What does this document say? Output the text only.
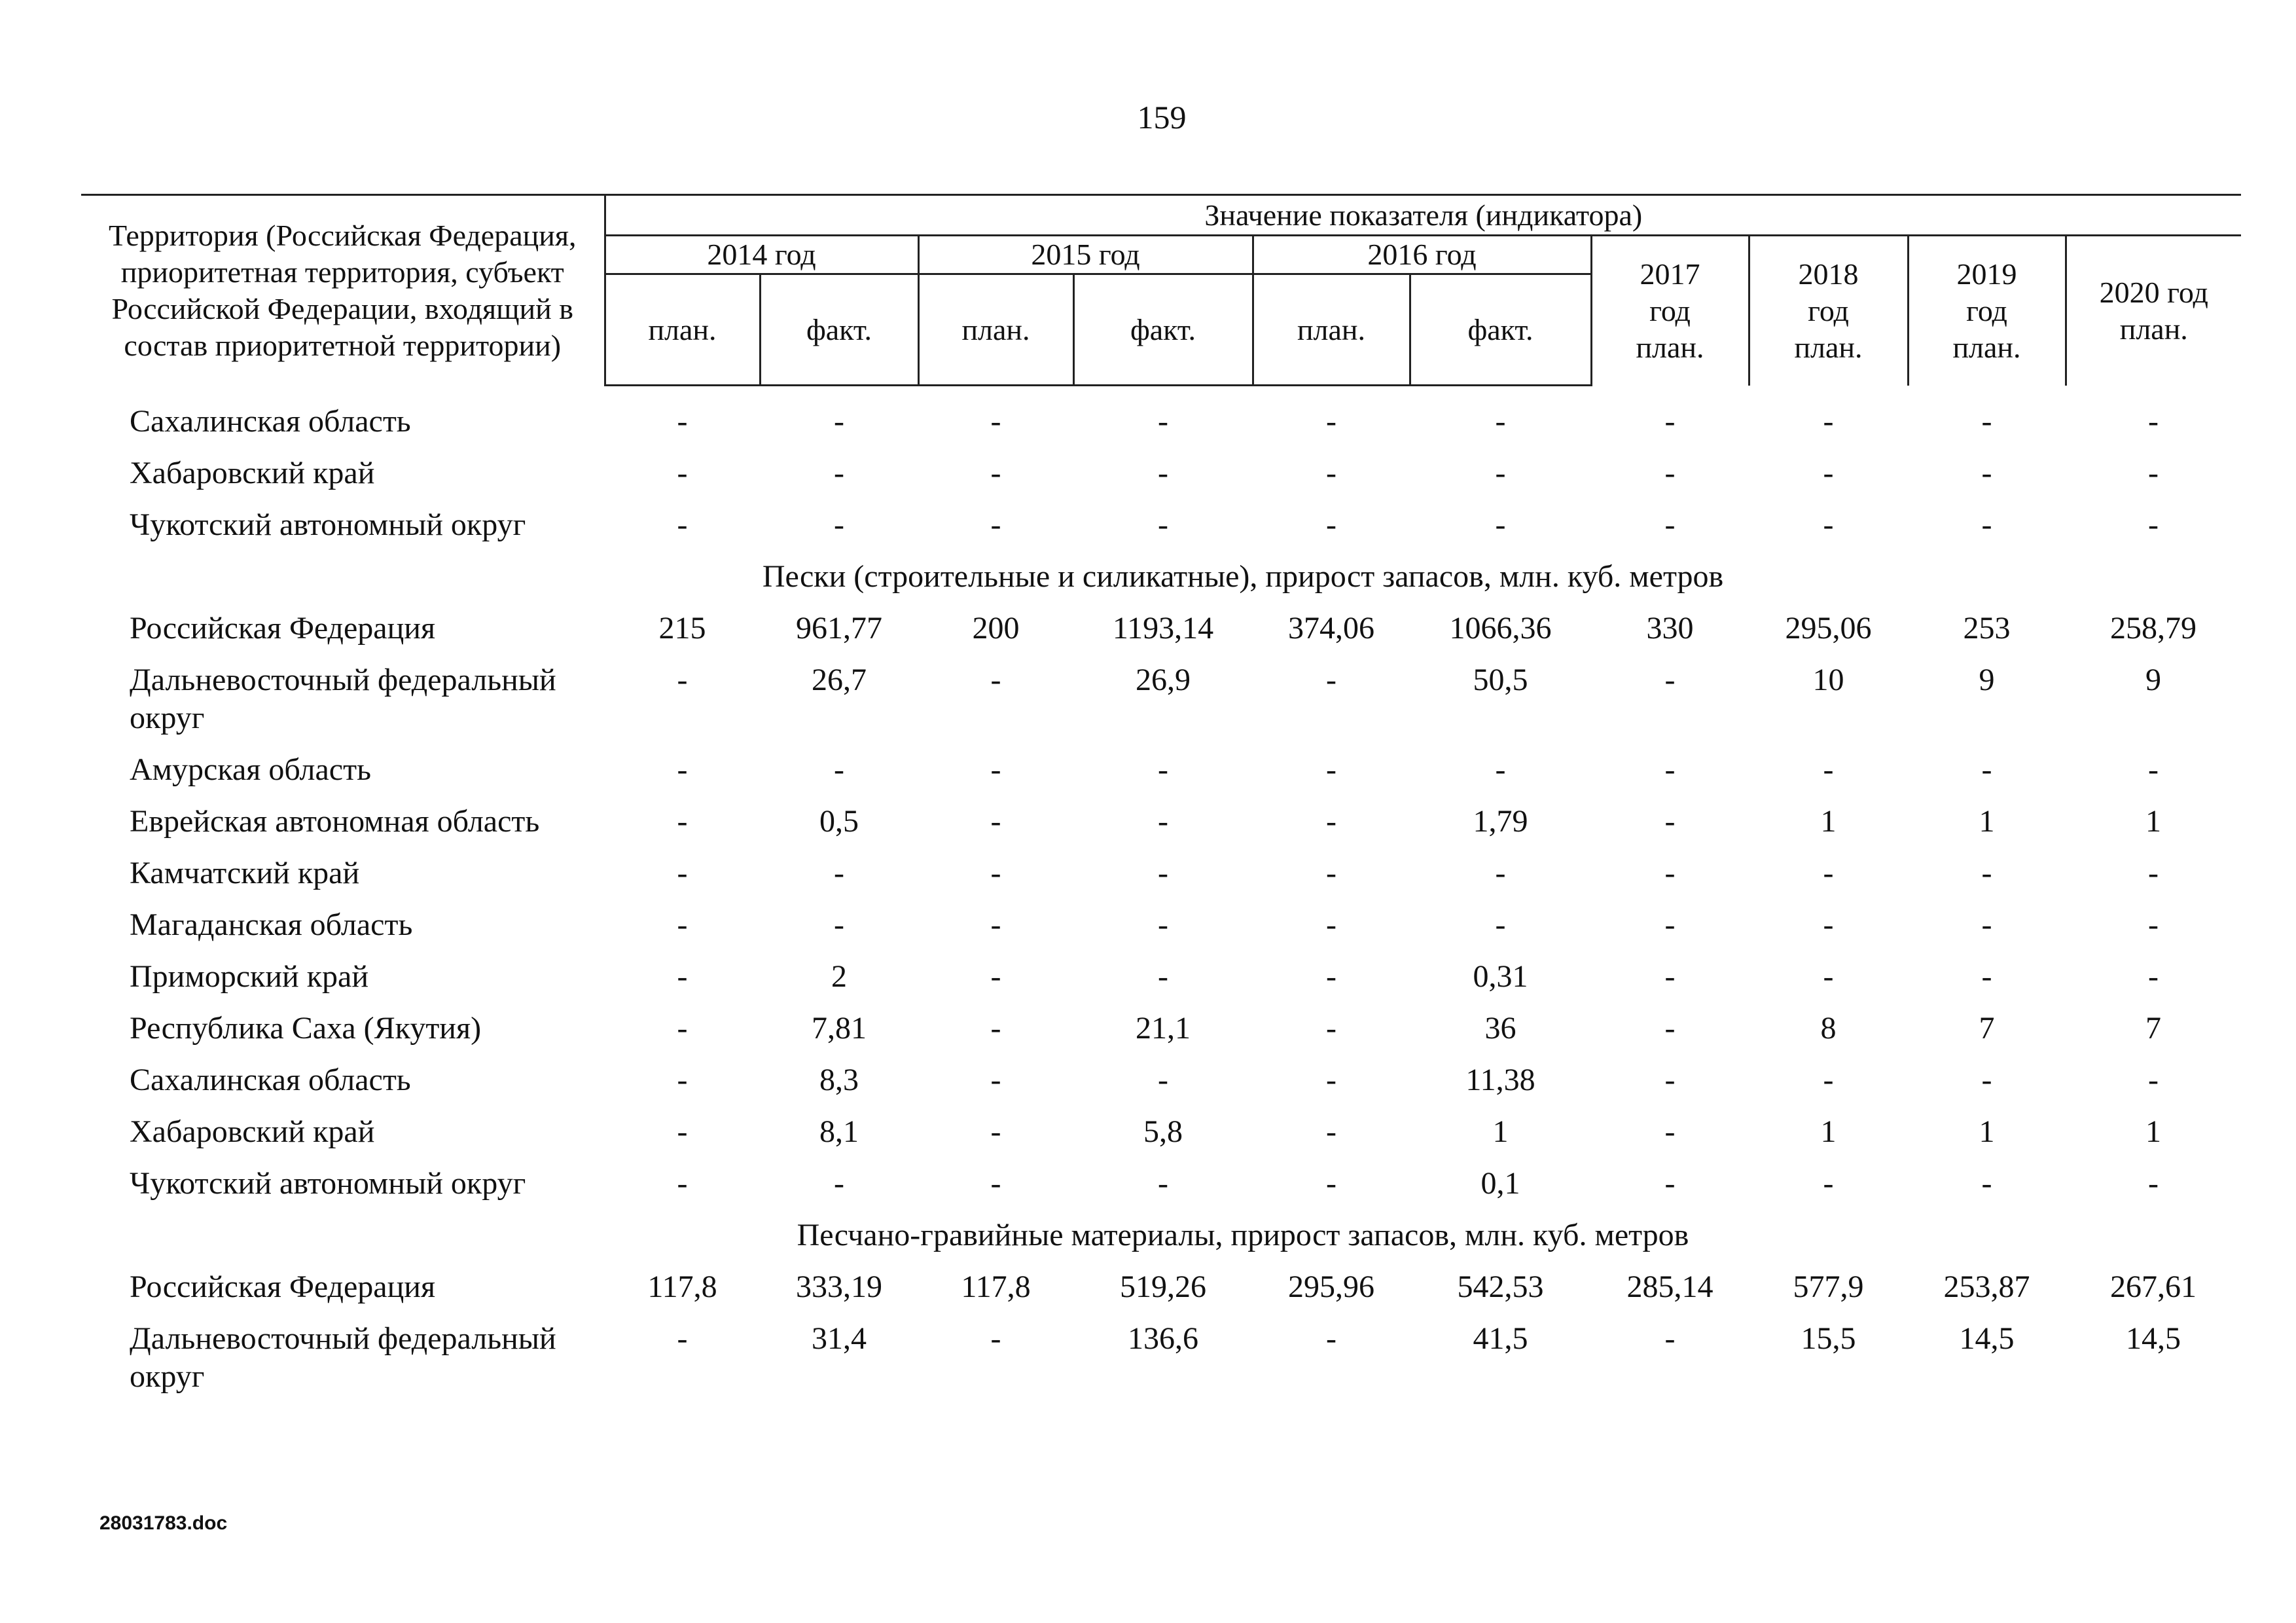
159
Территория (Российская Федерация, приоритетная территория, субъект Российской Федерации, входящий в состав приоритетной территории)	Значение показателя (индикатора)									
	2014 год		2015 год		2016 год		2017 год план.	2018 год план.	2019 год план.	2020 год план.
	план.	факт.	план.	факт.	план.	факт.				
Сахалинская область	-	-	-	-	-	-	-	-	-	-
Хабаровский край	-	-	-	-	-	-	-	-	-	-
Чукотский автономный округ	-	-	-	-	-	-	-	-	-	-
Пески (строительные и силикатные), прирост запасов, млн. куб. метров										
Российская Федерация	215	961,77	200	1193,14	374,06	1066,36	330	295,06	253	258,79
Дальневосточный федеральный округ	-	26,7	-	26,9	-	50,5	-	10	9	9
Амурская область	-	-	-	-	-	-	-	-	-	-
Еврейская автономная область	-	0,5	-	-	-	1,79	-	1	1	1
Камчатский край	-	-	-	-	-	-	-	-	-	-
Магаданская область	-	-	-	-	-	-	-	-	-	-
Приморский край	-	2	-	-	-	0,31	-	-	-	-
Республика Саха (Якутия)	-	7,81	-	21,1	-	36	-	8	7	7
Сахалинская область	-	8,3	-	-	-	11,38	-	-	-	-
Хабаровский край	-	8,1	-	5,8	-	1	-	1	1	1
Чукотский автономный округ	-	-	-	-	-	0,1	-	-	-	-
Песчано-гравийные материалы, прирост запасов, млн. куб. метров										
Российская Федерация	117,8	333,19	117,8	519,26	295,96	542,53	285,14	577,9	253,87	267,61
Дальневосточный федеральный округ	-	31,4	-	136,6	-	41,5	-	15,5	14,5	14,5
28031783.doc
